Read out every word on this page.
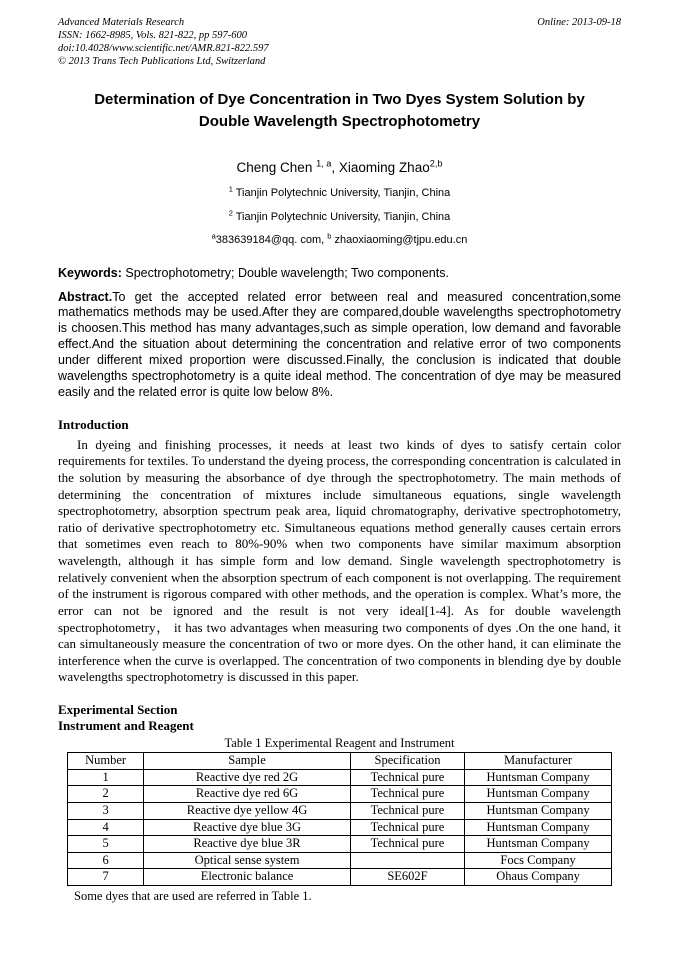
Advanced Materials Research
ISSN: 1662-8985, Vols. 821-822, pp 597-600
doi:10.4028/www.scientific.net/AMR.821-822.597
© 2013 Trans Tech Publications Ltd, Switzerland
Online: 2013-09-18
Determination of Dye Concentration in Two Dyes System Solution by
Double Wavelength Spectrophotometry
Cheng Chen $^{1, a}$, Xiaoming Zhao$^{2,b}$
$^1$ Tianjin Polytechnic University, Tianjin, China
$^2$ Tianjin Polytechnic University, Tianjin, China
$^a$383639184@qq. com, $^b$ zhaoxiaoming@tjpu.edu.cn

Keywords: Spectrophotometry; Double wavelength; Two components.

Abstract.To get the accepted related error between real and measured concentration,some mathematics methods may be used.After they are compared,double wavelengths spectrophotometry is choosen.This method has many advantages,such as simple operation, low demand and favorable effect.And the situation about determining the concentration and relative error of two components under different mixed proportion were discussed.Finally, the conclusion is indicated that double wavelengths spectrophotometry is a quite ideal method. The concentration of dye may be measured easily and the related error is quite low below 8%.

Introduction

In dyeing and finishing processes, it needs at least two kinds of dyes to satisfy certain color requirements for textiles. To understand the dyeing process, the corresponding concentration is calculated in the solution by measuring the absorbance of dye through the spectrophotometry. The main methods of determining the concentration of mixtures include simultaneous equations, single wavelength spectrophotometry, absorption spectrum peak area, liquid chromatography, derivative spectrophotometry, ratio of derivative spectrophotometry etc. Simultaneous equations method generally causes certain errors that sometimes even reach to 80%-90% when two components have similar maximum absorption wavelength, although it has simple form and low demand. Single wavelength spectrophotometry is relatively convenient when the absorption spectrum of each component is not overlapping. The requirement of the instrument is rigorous compared with other methods, and the operation is complex. What’s more, the error can not be ignored and the result is not very ideal[1-4]. As for double wavelength spectrophotometry， it has two advantages when measuring two components of dyes .On the one hand, it can simultaneously measure the concentration of two or more dyes. On the other hand, it can eliminate the interference when the curve is overlapped. The concentration of two components in blending dye by double wavelengths spectrophotometry is discussed in this paper.

Experimental Section
Instrument and Reagent
Table 1 Experimental Reagent and Instrument
Number	Sample	Specification	Manufacturer
1	Reactive dye red 2G	Technical pure	Huntsman Company
2	Reactive dye red 6G	Technical pure	Huntsman Company
3	Reactive dye yellow 4G	Technical pure	Huntsman Company
4	Reactive dye blue 3G	Technical pure	Huntsman Company
5	Reactive dye blue 3R	Technical pure	Huntsman Company
6	Optical sense system		Focs Company
7	Electronic balance	SE602F	Ohaus Company

Some dyes that are used are referred in Table 1.
